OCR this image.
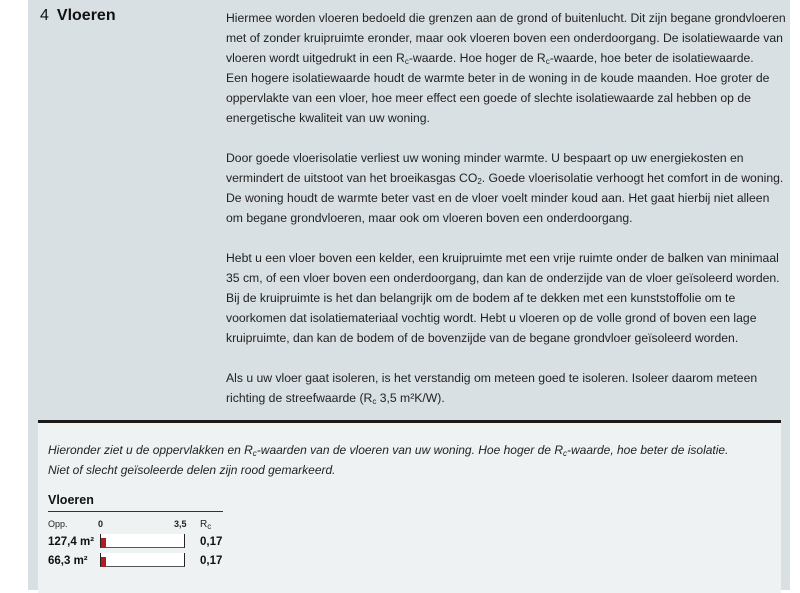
4 Vloeren	Hiermee worden vloeren bedoeld die grenzen aan de grond of buitenlucht. Dit zijn begane grondvloeren met of zonder kruipruimte eronder, maar ook vloeren boven een onderdoorgang. De isolatiewaarde van vloeren wordt uitgedrukt in een $R_c$-waarde. Hoe hoger de $R_c$-waarde, hoe beter de isolatiewaarde.
Een hogere isolatiewaarde houdt de warmte beter in de woning in de koude maanden. Hoe groter de oppervlakte van een vloer, hoe meer effect een goede of slechte isolatiewaarde zal hebben op de energetische kwaliteit van uw woning.

Door goede vloerisolatie verliest uw woning minder warmte. U bespaart op uw energiekosten en vermindert de uitstoot van het broeikasgas $CO_2$. Goede vloerisolatie verhoogt het comfort in de woning. De woning houdt de warmte beter vast en de vloer voelt minder koud aan. Het gaat hierbij niet alleen om begane grondvloeren, maar ook om vloeren boven een onderdoorgang.

Hebt u een vloer boven een kelder, een kruipruimte met een vrije ruimte onder de balken van minimaal 35 cm, of een vloer boven een onderdoorgang, dan kan de onderzijde van de vloer geïsoleerd worden. Bij de kruipruimte is het dan belangrijk om de bodem af te dekken met een kunststoffolie om te voorkomen dat isolatiemateriaal vochtig wordt. Hebt u vloeren op de volle grond of boven een lage kruipruimte, dan kan de bodem of de bovenzijde van de begane grondvloer geïsoleerd worden.

Als u uw vloer gaat isoleren, is het verstandig om meteen goed te isoleren. Isoleer daarom meteen richting de streefwaarde ($R_c$ 3,5 m²K/W).

Hieronder ziet u de oppervlakken en $R_c$-waarden van de vloeren van uw woning. Hoe hoger de $R_c$-waarde, hoe beter de isolatie.
Niet of slecht geïsoleerde delen zijn rood gemarkeerd.
Vloeren
Opp.	0	3,5 $R_c$
127,4 m²	0,17
66,3 m²	0,17
